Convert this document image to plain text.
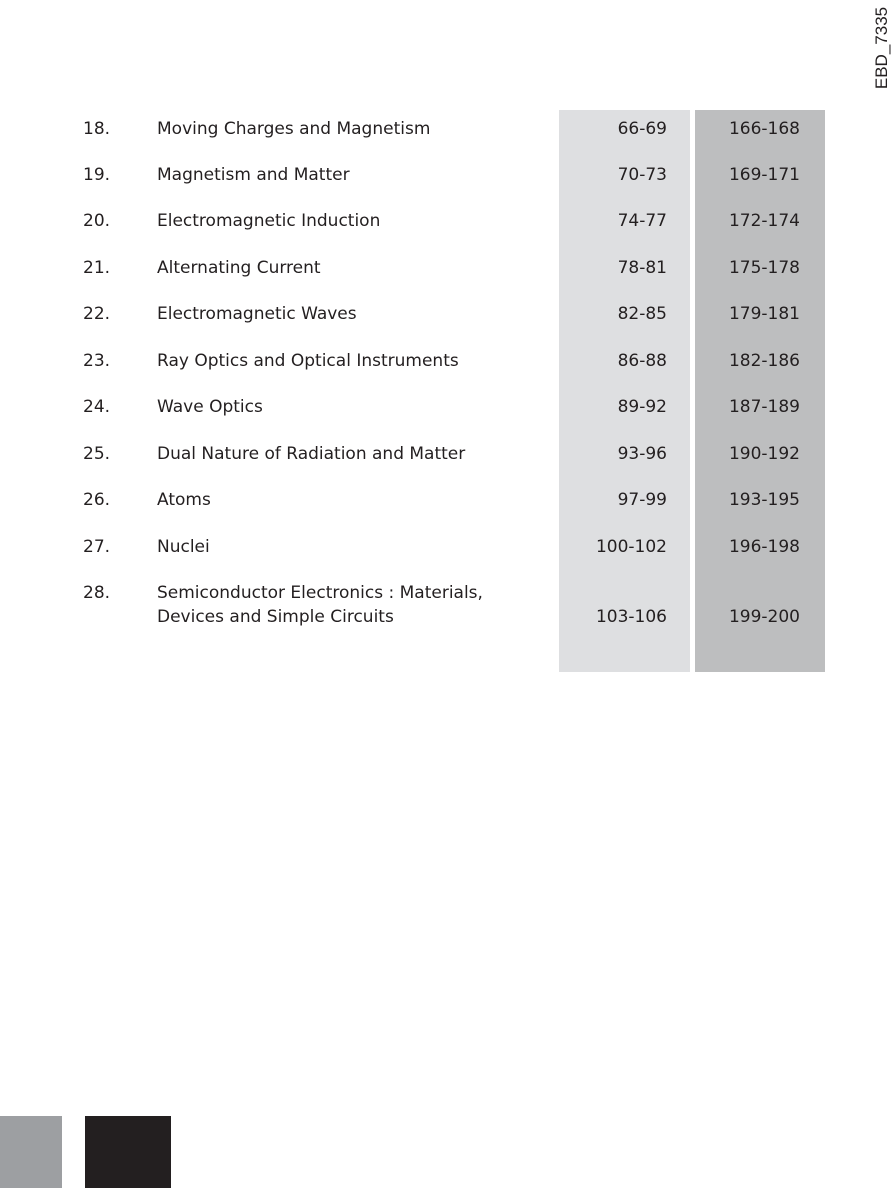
EBD_7335
18.	Moving Charges and Magnetism	66-69	166-168
19.	Magnetism and Matter	70-73	169-171
20.	Electromagnetic Induction	74-77	172-174
21.	Alternating Current	78-81	175-178
22.	Electromagnetic Waves	82-85	179-181
23.	Ray Optics and Optical Instruments	86-88	182-186
24.	Wave Optics	89-92	187-189
25.	Dual Nature of Radiation and Matter	93-96	190-192
26.	Atoms	97-99	193-195
27.	Nuclei	100-102	196-198
28.	Semiconductor Electronics : Materials,
Devices and Simple Circuits	103-106	199-200
